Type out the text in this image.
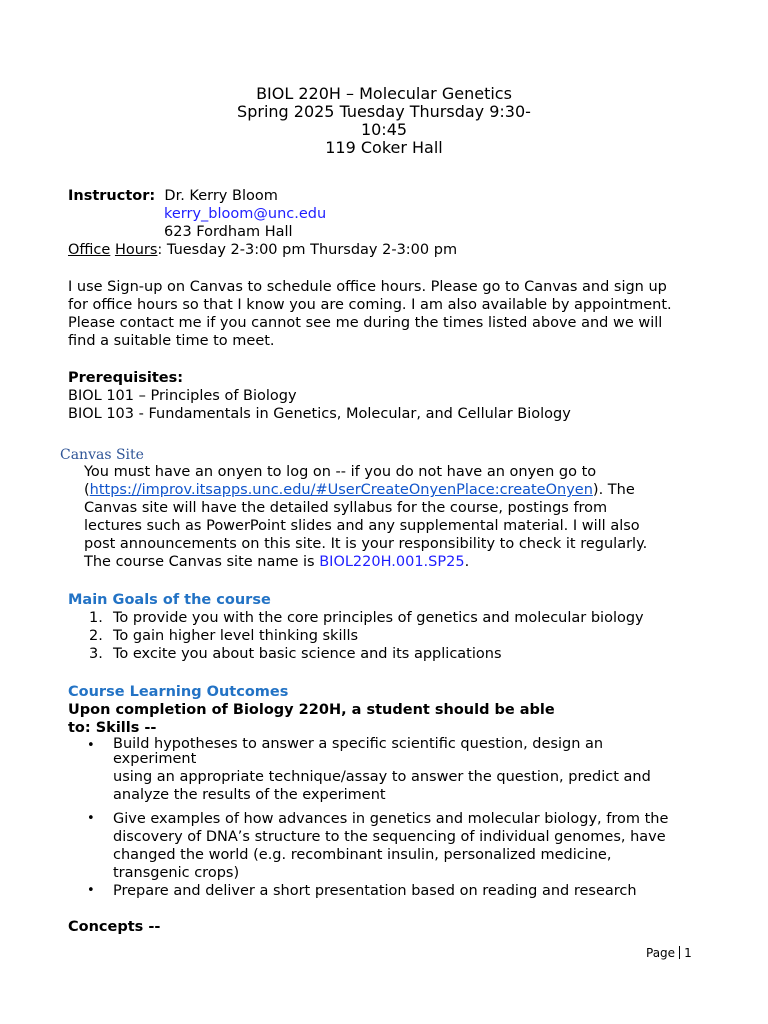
BIOL 220H – Molecular Genetics
Spring 2025 Tuesday Thursday 9:30-
10:45
119 Coker Hall
Instructor: Dr. Kerry Bloom
kerry_bloom@unc.edu
623 Fordham Hall
Office Hours: Tuesday 2-3:00 pm Thursday 2-3:00 pm
I use Sign-up on Canvas to schedule office hours. Please go to Canvas and sign up
for office hours so that I know you are coming. I am also available by appointment.
Please contact me if you cannot see me during the times listed above and we will
find a suitable time to meet.
Prerequisites:
BIOL 101 – Principles of Biology
BIOL 103 - Fundamentals in Genetics, Molecular, and Cellular Biology
Canvas Site
You must have an onyen to log on -- if you do not have an onyen go to
(https://improv.itsapps.unc.edu/#UserCreateOnyenPlace:createOnyen). The
Canvas site will have the detailed syllabus for the course, postings from
lectures such as PowerPoint slides and any supplemental material. I will also
post announcements on this site. It is your responsibility to check it regularly.
The course Canvas site name is BIOL220H.001.SP25.
Main Goals of the course
1. To provide you with the core principles of genetics and molecular biology
2. To gain higher level thinking skills
3. To excite you about basic science and its applications
Course Learning Outcomes
Upon completion of Biology 220H, a student should be able
to: Skills --
• Build hypotheses to answer a specific scientific question, design an
experiment
using an appropriate technique/assay to answer the question, predict and
analyze the results of the experiment
• Give examples of how advances in genetics and molecular biology, from the
discovery of DNA’s structure to the sequencing of individual genomes, have
changed the world (e.g. recombinant insulin, personalized medicine,
transgenic crops)
• Prepare and deliver a short presentation based on reading and research
Concepts --
Page 1
